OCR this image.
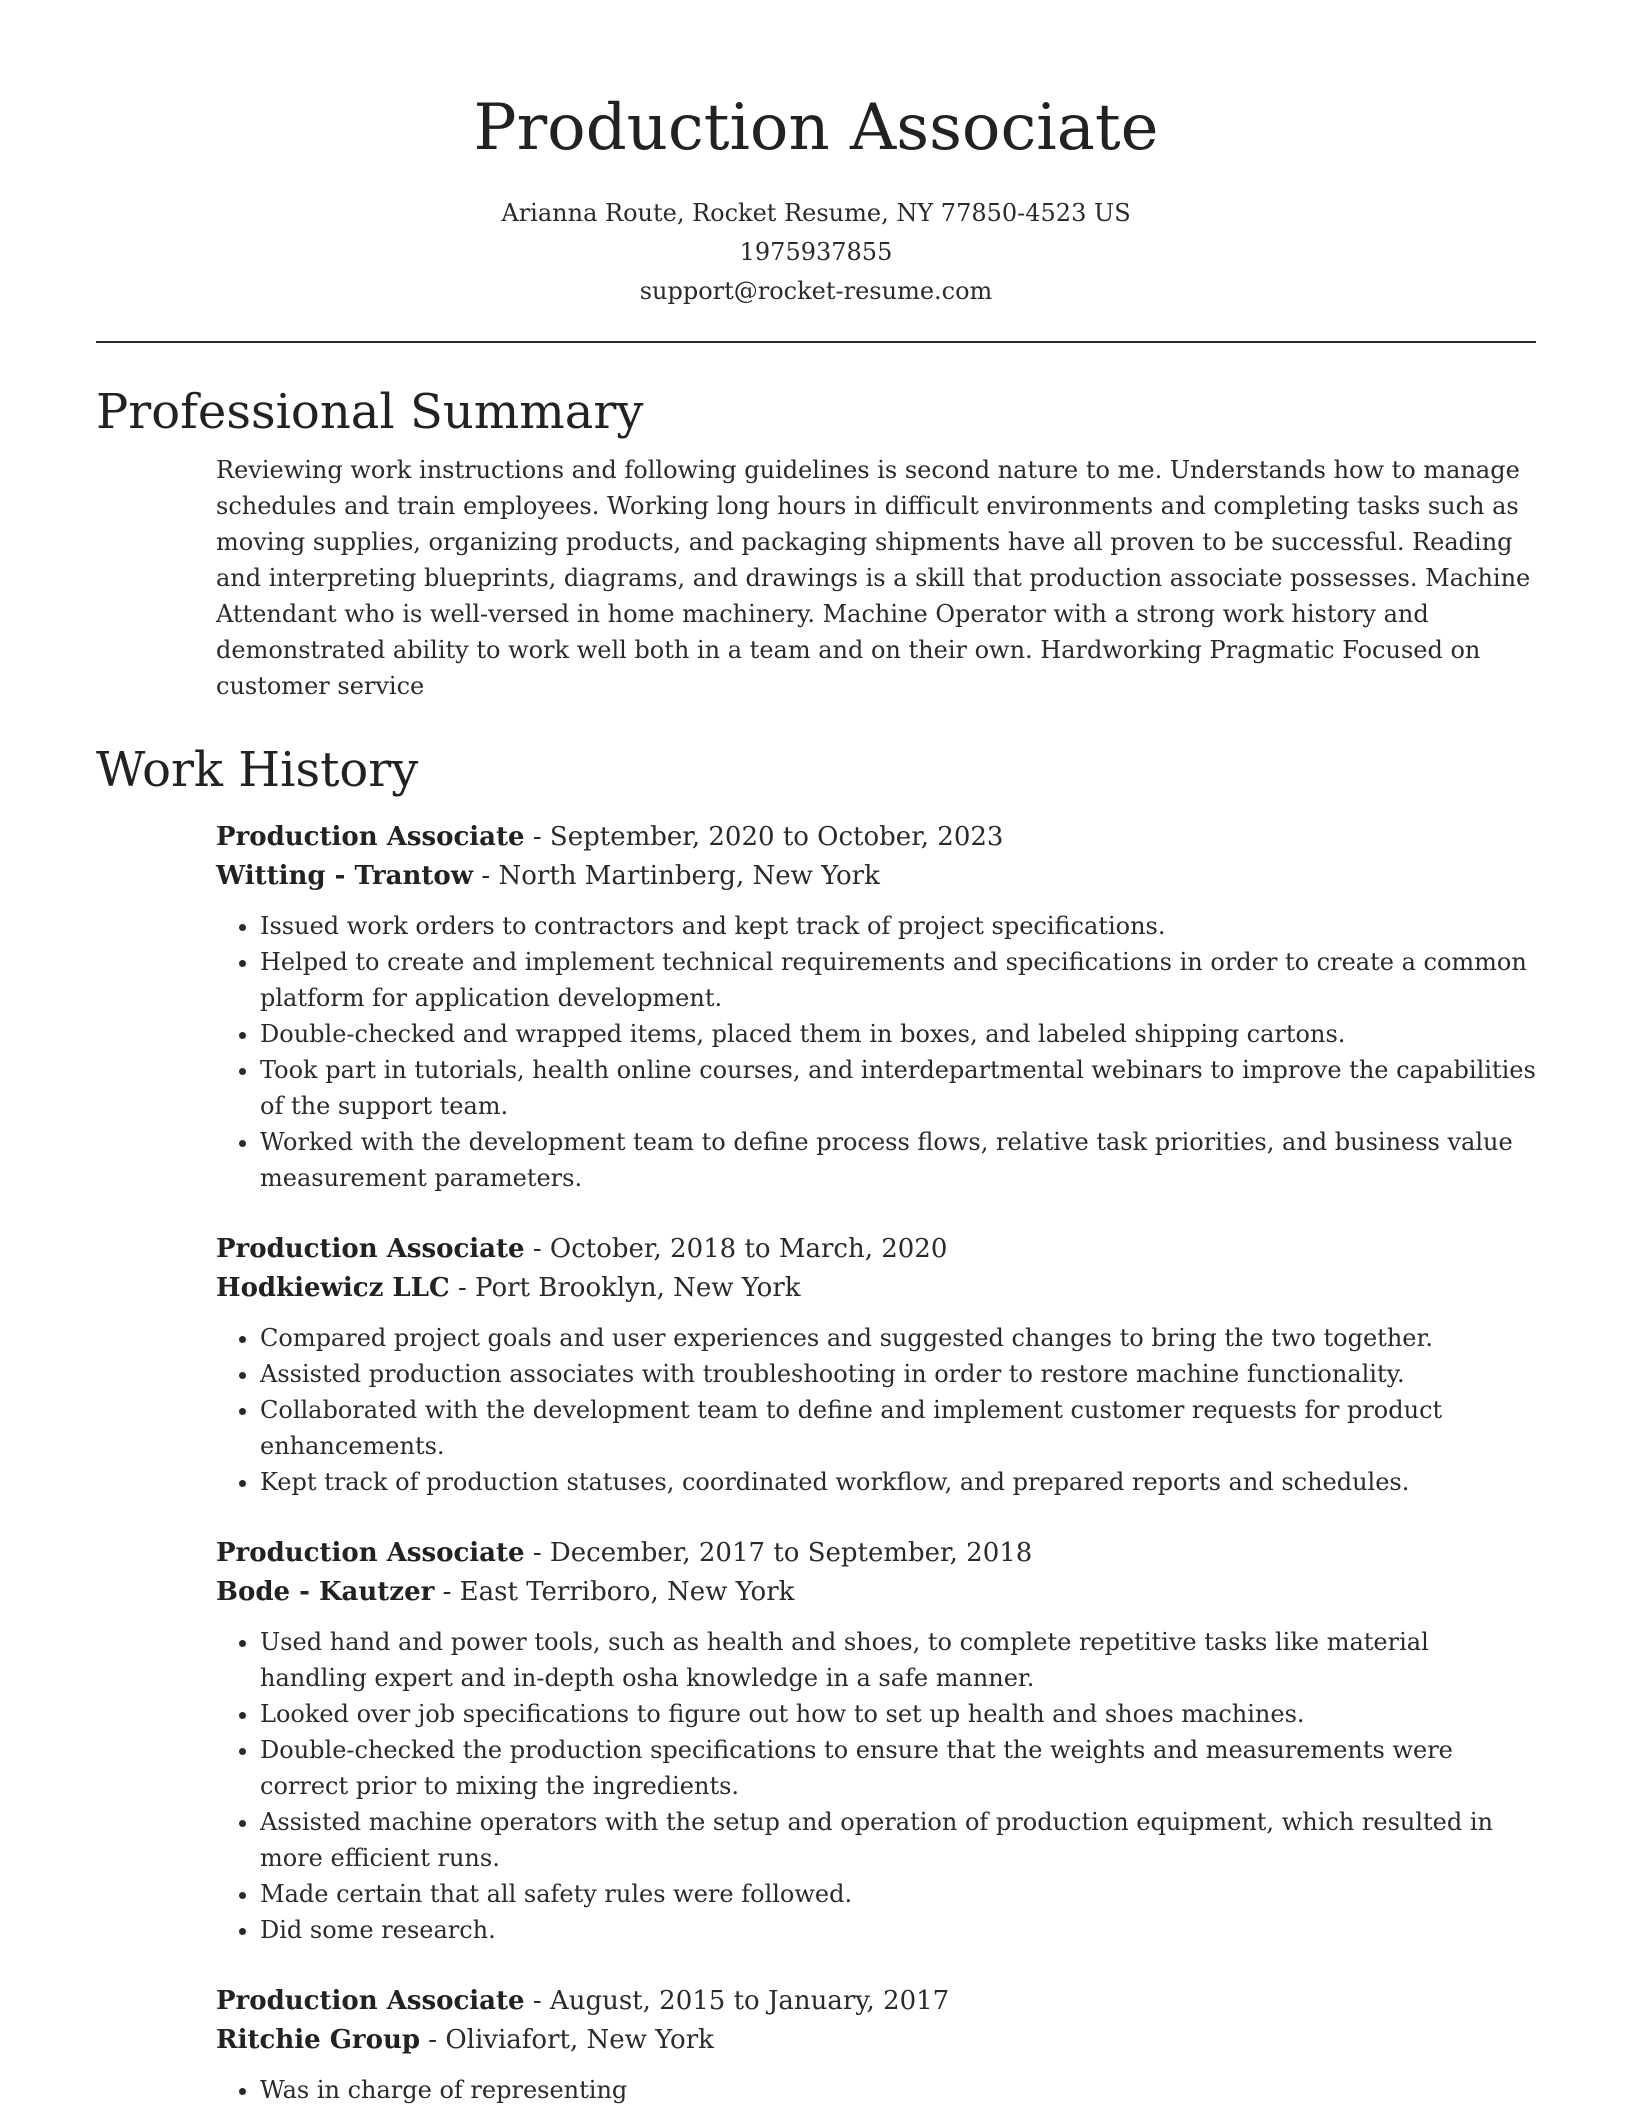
Production Associate
Arianna Route, Rocket Resume, NY 77850-4523 US
1975937855
support@rocket-resume.com
Professional Summary

Reviewing work instructions and following guidelines is second nature to me. Understands how to manage schedules and train employees. Working long hours in difficult environments and completing tasks such as moving supplies, organizing products, and packaging shipments have all proven to be successful. Reading and interpreting blueprints, diagrams, and drawings is a skill that production associate possesses. Machine Attendant who is well-versed in home machinery. Machine Operator with a strong work history and demonstrated ability to work well both in a team and on their own. Hardworking Pragmatic Focused on customer service

Work History
Production Associate - September, 2020 to October, 2023
Witting - Trantow - North Martinberg, New York
• Issued work orders to contractors and kept track of project specifications.
• Helped to create and implement technical requirements and specifications in order to create a common platform for application development.
• Double-checked and wrapped items, placed them in boxes, and labeled shipping cartons.
• Took part in tutorials, health online courses, and interdepartmental webinars to improve the capabilities of the support team.
• Worked with the development team to define process flows, relative task priorities, and business value measurement parameters.
Production Associate - October, 2018 to March, 2020
Hodkiewicz LLC - Port Brooklyn, New York
• Compared project goals and user experiences and suggested changes to bring the two together.
• Assisted production associates with troubleshooting in order to restore machine functionality.
• Collaborated with the development team to define and implement customer requests for product enhancements.
• Kept track of production statuses, coordinated workflow, and prepared reports and schedules.
Production Associate - December, 2017 to September, 2018
Bode - Kautzer - East Terriboro, New York
• Used hand and power tools, such as health and shoes, to complete repetitive tasks like material handling expert and in-depth osha knowledge in a safe manner.
• Looked over job specifications to figure out how to set up health and shoes machines.
• Double-checked the production specifications to ensure that the weights and measurements were correct prior to mixing the ingredients.
• Assisted machine operators with the setup and operation of production equipment, which resulted in more efficient runs.
• Made certain that all safety rules were followed.
• Did some research.
Production Associate - August, 2015 to January, 2017
Ritchie Group - Oliviafort, New York
• Was in charge of representing
